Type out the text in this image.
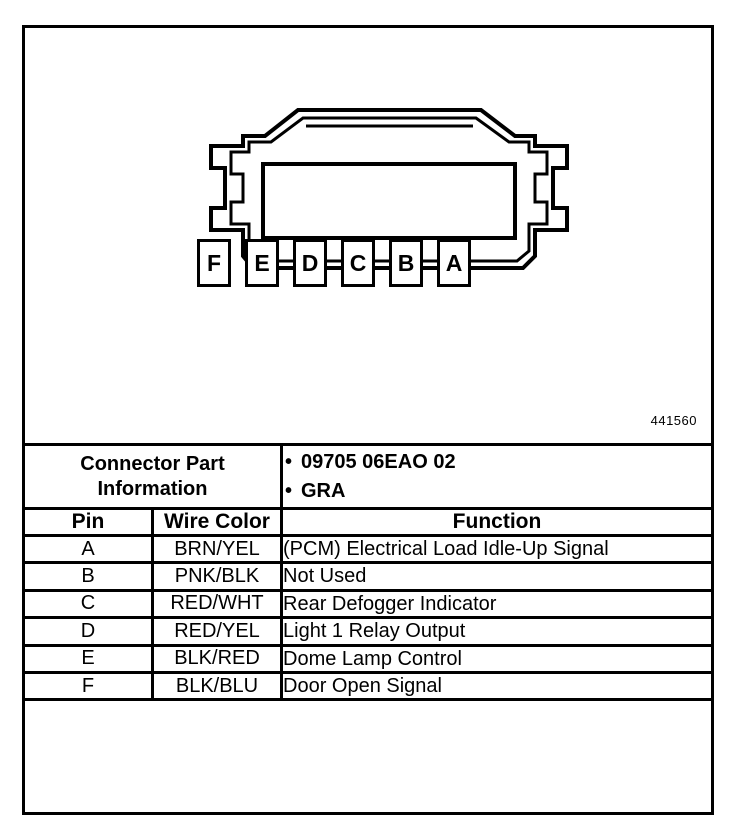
F	E	D	C	B	A
441560
Connector Part Information	
• 09705 06EAO 02
• GRA

Pin	Wire Color	Function
A	BRN/YEL	(PCM) Electrical Load Idle-Up Signal
B	PNK/BLK	Not Used
C	RED/WHT	Rear Defogger Indicator
D	RED/YEL	Light 1 Relay Output
E	BLK/RED	Dome Lamp Control
F	BLK/BLU	Door Open Signal
